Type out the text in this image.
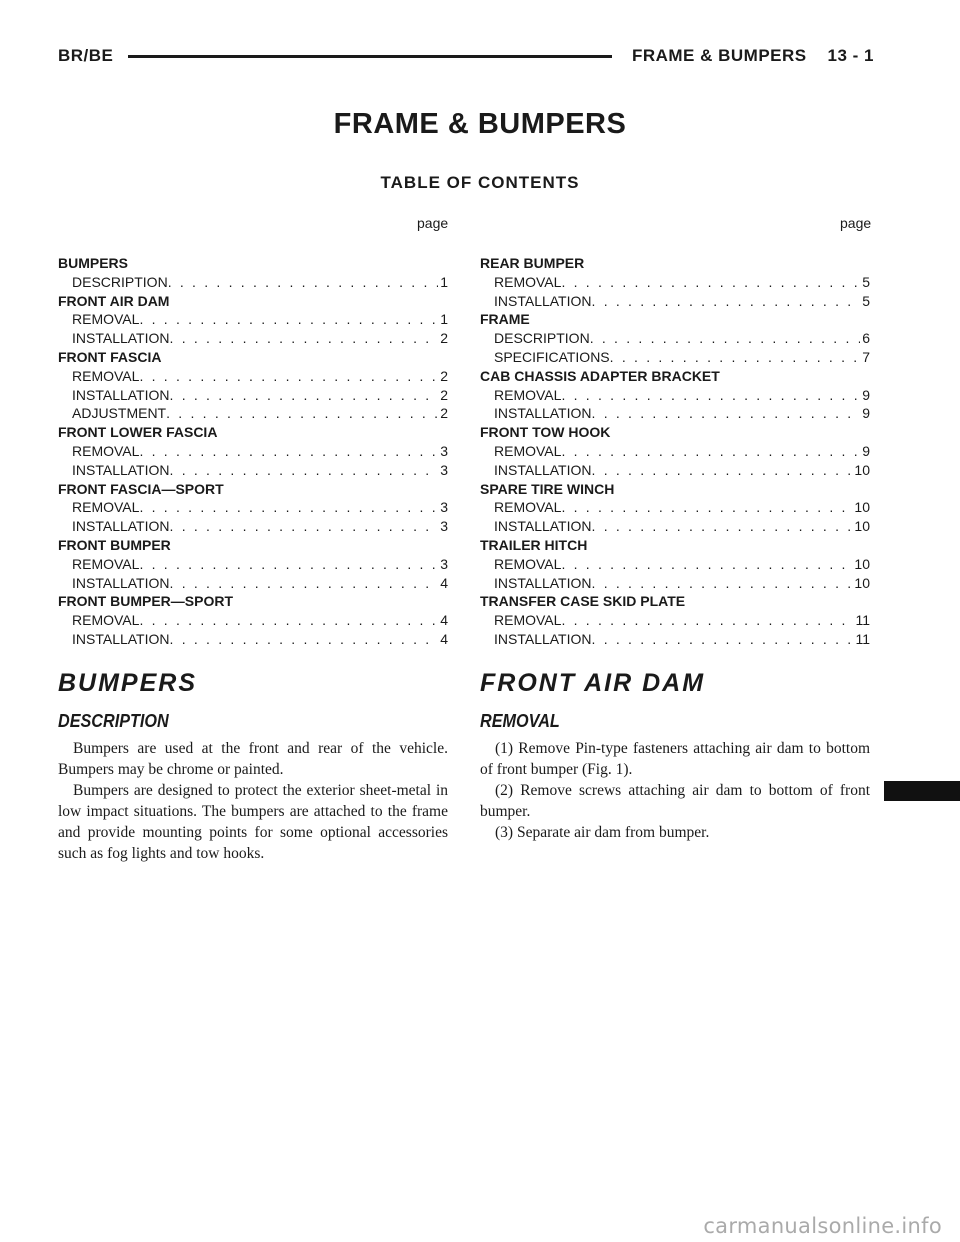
BR/BE	FRAME & BUMPERS    13 - 1
FRAME & BUMPERS
TABLE OF CONTENTS
page	page
BUMPERS
DESCRIPTION . . .	1
FRONT AIR DAM
REMOVAL . . .	1
INSTALLATION . . .	2
FRONT FASCIA
REMOVAL . . .	2
INSTALLATION . . .	2
ADJUSTMENT . . .	2
FRONT LOWER FASCIA
REMOVAL . . .	3
INSTALLATION . . .	3
FRONT FASCIA—SPORT
REMOVAL . . .	3
INSTALLATION . . .	3
FRONT BUMPER
REMOVAL . . .	3
INSTALLATION . . .	4
FRONT BUMPER—SPORT
REMOVAL . . .	4
INSTALLATION . . .	4
REAR BUMPER
REMOVAL . . .	5
INSTALLATION . . .	5
FRAME
DESCRIPTION . . .	6
SPECIFICATIONS . . .	7
CAB CHASSIS ADAPTER BRACKET
REMOVAL . . .	9
INSTALLATION . . .	9
FRONT TOW HOOK
REMOVAL . . .	9
INSTALLATION . . .	10
SPARE TIRE WINCH
REMOVAL . . .	10
INSTALLATION . . .	10
TRAILER HITCH
REMOVAL . . .	10
INSTALLATION . . .	10
TRANSFER CASE SKID PLATE
REMOVAL . . .	11
INSTALLATION . . .	11
BUMPERS
DESCRIPTION

Bumpers are used at the front and rear of the vehicle. Bumpers may be chrome or painted.

Bumpers are designed to protect the exterior sheet-metal in low impact situations. The bumpers are attached to the frame and provide mounting points for some optional accessories such as fog lights and tow hooks.

FRONT AIR DAM
REMOVAL

(1) Remove Pin-type fasteners attaching air dam to bottom of front bumper (Fig. 1).

(2) Remove screws attaching air dam to bottom of front bumper.

(3) Separate air dam from bumper.

carmanualsonline.info
